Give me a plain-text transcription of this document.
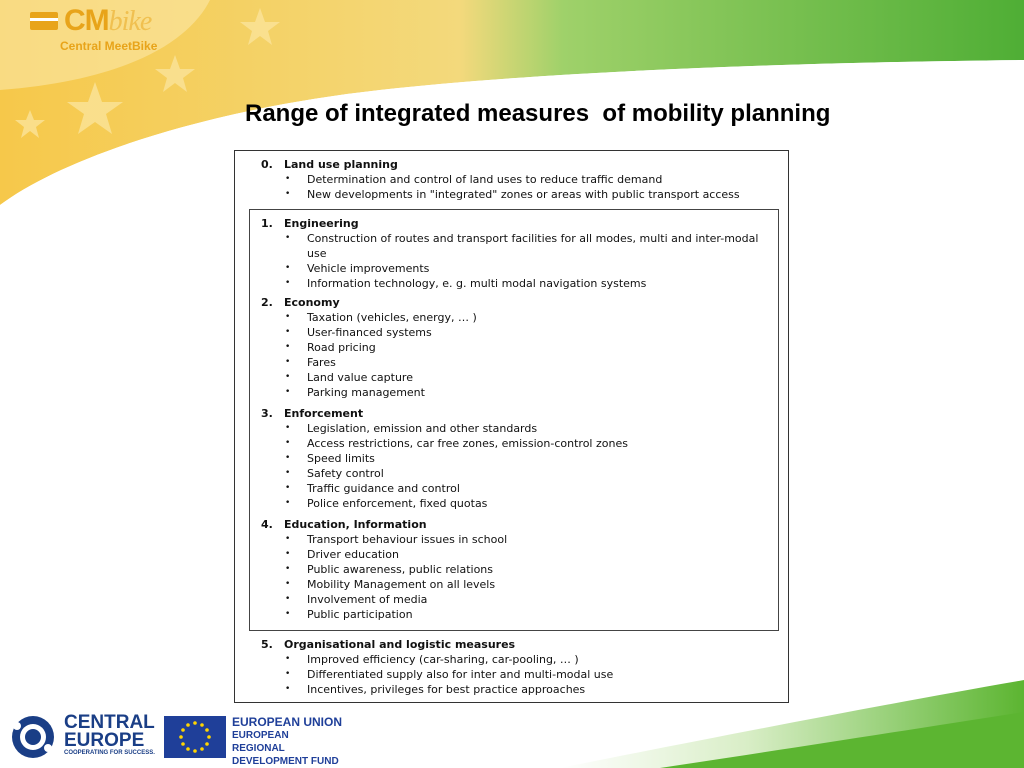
CMbike
Central MeetBike
Range of integrated measures  of mobility planning
0.	Land use planning
•	Determination and control of land uses to reduce traffic demand
•	New developments in "integrated" zones or areas with public transport access
1.	Engineering
•	Construction of routes and transport facilities for all modes, multi and inter-modal use
•	Vehicle improvements
•	Information technology, e. g. multi modal navigation systems
2.	Economy
•	Taxation (vehicles, energy, … )
•	User-financed systems
•	Road pricing
•	Fares
•	Land value capture
•	Parking management
3.	Enforcement
•	Legislation, emission and other standards
•	Access restrictions, car free zones, emission-control zones
•	Speed limits
•	Safety control
•	Traffic guidance and control
•	Police enforcement, fixed quotas
4.	Education, Information
•	Transport behaviour issues in school
•	Driver education
•	Public awareness, public relations
•	Mobility Management on all levels
•	Involvement of media
•	Public participation
5.	Organisational and logistic measures
•	Improved efficiency (car-sharing, car-pooling, … )
•	Differentiated supply also for inter and multi-modal use
•	Incentives, privileges for best practice approaches
CENTRAL
EUROPE
COOPERATING FOR SUCCESS.
EUROPEAN UNION
EUROPEAN REGIONAL
DEVELOPMENT FUND
